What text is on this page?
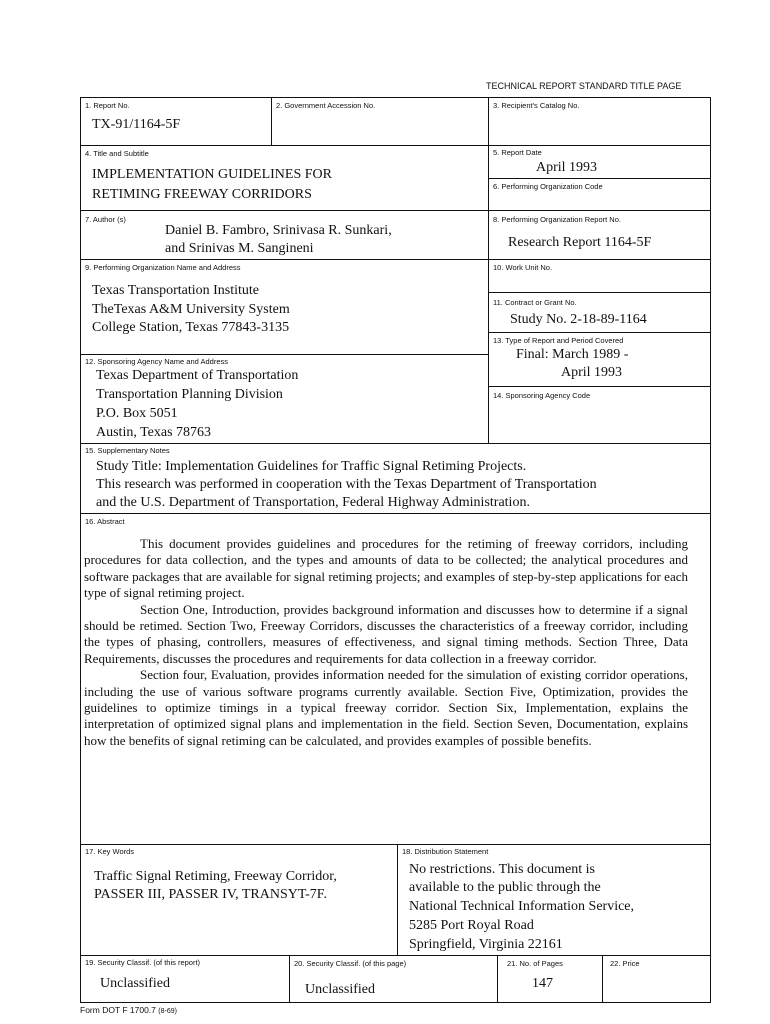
TECHNICAL REPORT STANDARD TITLE PAGE
1. Report No.
TX-91/1164-5F
2. Government Accession No.	3. Recipient's Catalog No.
4. Title and Subtitle
IMPLEMENTATION GUIDELINES FOR
RETIMING FREEWAY CORRIDORS
5. Report Date
April 1993
6. Performing Organization Code
7. Author (s)
Daniel B. Fambro, Srinivasa R. Sunkari,
and Srinivas M. Sangineni
8. Performing Organization Report No.
Research Report 1164-5F
9. Performing Organization Name and Address
Texas Transportation Institute
TheTexas A&M University System
College Station, Texas 77843-3135
10. Work Unit No.
11. Contract or Grant No.
Study No. 2-18-89-1164
13. Type of Report and Period Covered
Final: March 1989 -
April 1993
12. Sponsoring Agency Name and Address
Texas Department of Transportation
Transportation Planning Division
P.O. Box 5051
Austin, Texas 78763
14. Sponsoring Agency Code
15. Supplementary Notes
Study Title: Implementation Guidelines for Traffic Signal Retiming Projects.
This research was performed in cooperation with the Texas Department of Transportation
and the U.S. Department of Transportation, Federal Highway Administration.
16. Abstract

This document provides guidelines and procedures for the retiming of freeway corridors, including procedures for data collection, and the types and amounts of data to be collected; the analytical procedures and software packages that are available for signal retiming projects; and examples of step-by-step applications for each type of signal retiming project.

Section One, Introduction, provides background information and discusses how to determine if a signal should be retimed. Section Two, Freeway Corridors, discusses the characteristics of a freeway corridor, including the types of phasing, controllers, measures of effectiveness, and signal timing methods. Section Three, Data Requirements, discusses the procedures and requirements for data collection in a freeway corridor.

Section four, Evaluation, provides information needed for the simulation of existing corridor operations, including the use of various software programs currently available. Section Five, Optimization, provides the guidelines to optimize timings in a typical freeway corridor. Section Six, Implementation, explains the interpretation of optimized signal plans and implementation in the field. Section Seven, Documentation, explains how the benefits of signal retiming can be calculated, and provides examples of possible benefits.

17. Key Words
Traffic Signal Retiming, Freeway Corridor,
PASSER III, PASSER IV, TRANSYT-7F.
18. Distribution Statement
No restrictions. This document is
available to the public through the
National Technical Information Service,
5285 Port Royal Road
Springfield, Virginia 22161
19. Security Classif. (of this report)
Unclassified
20. Security Classif. (of this page)
Unclassified
21. No. of Pages
147
22. Price
Form DOT F 1700.7 (8-69)
